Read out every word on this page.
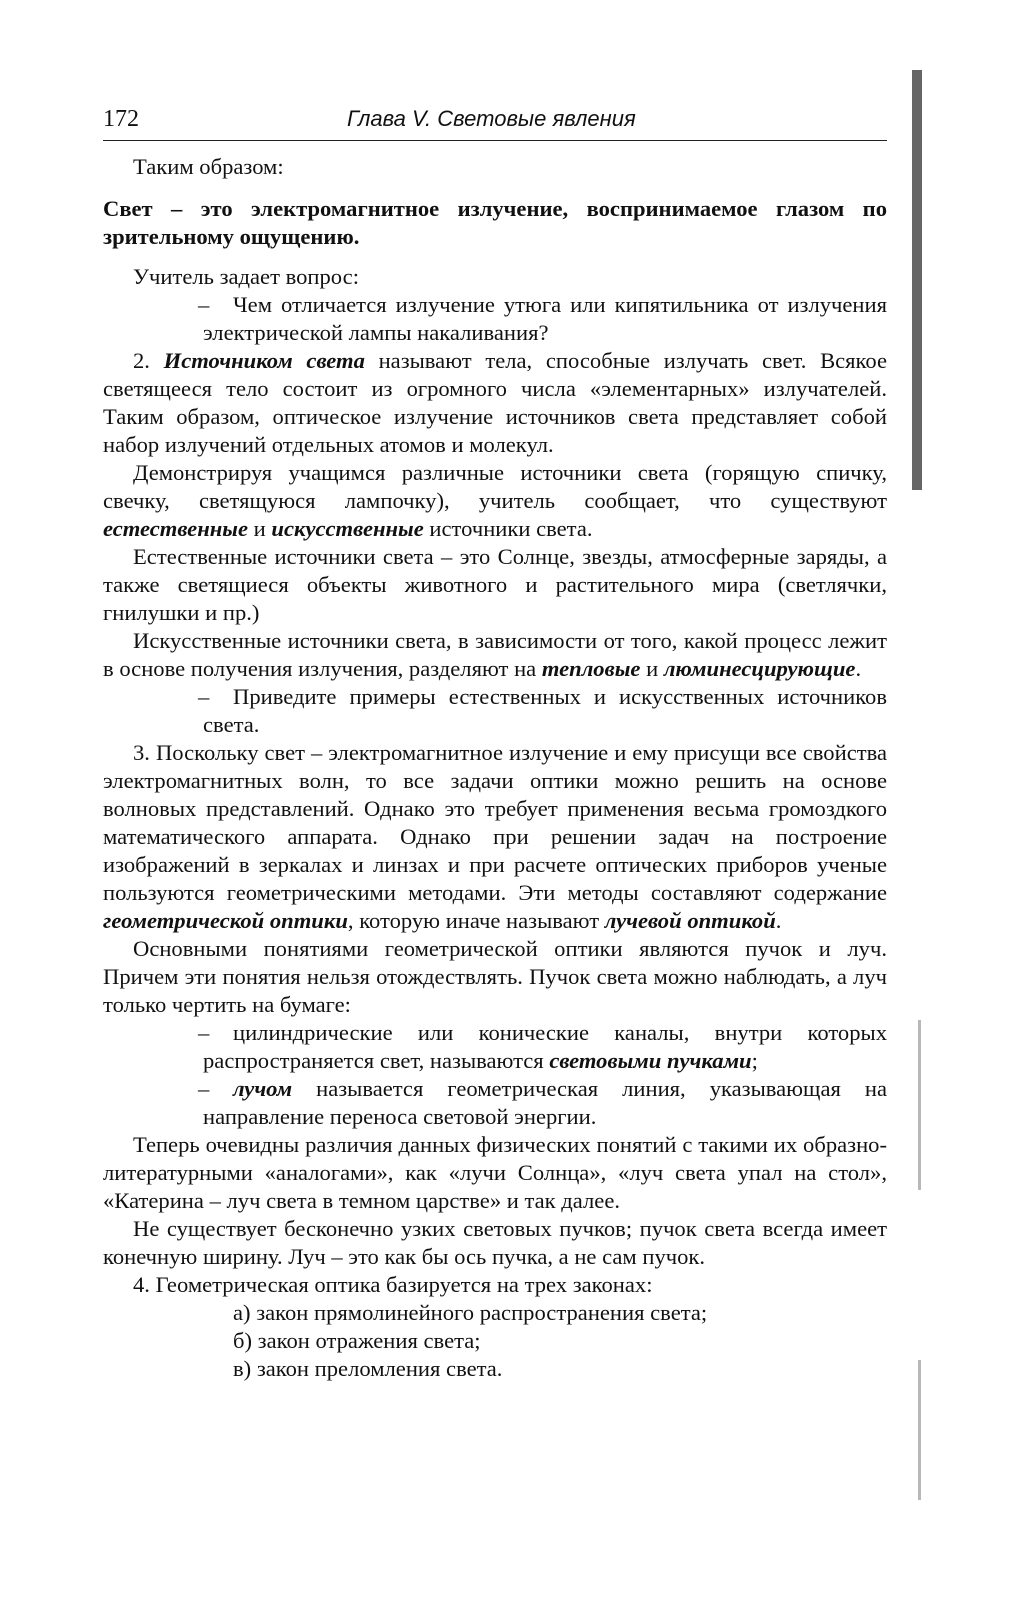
172	Глава V. Световые явления

Таким образом:

Свет – это электромагнитное излучение, воспринимаемое глазом по зрительному ощущению.

Учитель задает вопрос:

– Чем отличается излучение утюга или кипятильника от излучения электрической лампы накаливания?

2. Источником света называют тела, способные излучать свет. Всякое светящееся тело состоит из огромного числа «элементарных» излучателей. Таким образом, оптическое излучение источников света представляет собой набор излучений отдельных атомов и молекул.

Демонстрируя учащимся различные источники света (горящую спичку, свечку, светящуюся лампочку), учитель сообщает, что существуют естественные и искусственные источники света.

Естественные источники света – это Солнце, звезды, атмосферные заряды, а также светящиеся объекты животного и растительного мира (светлячки, гнилушки и пр.)

Искусственные источники света, в зависимости от того, какой процесс лежит в основе получения излучения, разделяют на тепловые и люминесцирующие.

– Приведите примеры естественных и искусственных источников света.

3. Поскольку свет – электромагнитное излучение и ему присущи все свойства электромагнитных волн, то все задачи оптики можно решить на основе волновых представлений. Однако это требует применения весьма громоздкого математического аппарата. Однако при решении задач на построение изображений в зеркалах и линзах и при расчете оптических приборов ученые пользуются геометрическими методами. Эти методы составляют содержание геометрической оптики, которую иначе называют лучевой оптикой.

Основными понятиями геометрической оптики являются пучок и луч. Причем эти понятия нельзя отождествлять. Пучок света можно наблюдать, а луч только чертить на бумаге:

– цилиндрические или конические каналы, внутри которых распространяется свет, называются световыми пучками;

– лучом называется геометрическая линия, указывающая на направление переноса световой энергии.

Теперь очевидны различия данных физических понятий с такими их образно-литературными «аналогами», как «лучи Солнца», «луч света упал на стол», «Катерина – луч света в темном царстве» и так далее.

Не существует бесконечно узких световых пучков; пучок света всегда имеет конечную ширину. Луч – это как бы ось пучка, а не сам пучок.

4. Геометрическая оптика базируется на трех законах:

а) закон прямолинейного распространения света;

б) закон отражения света;

в) закон преломления света.
